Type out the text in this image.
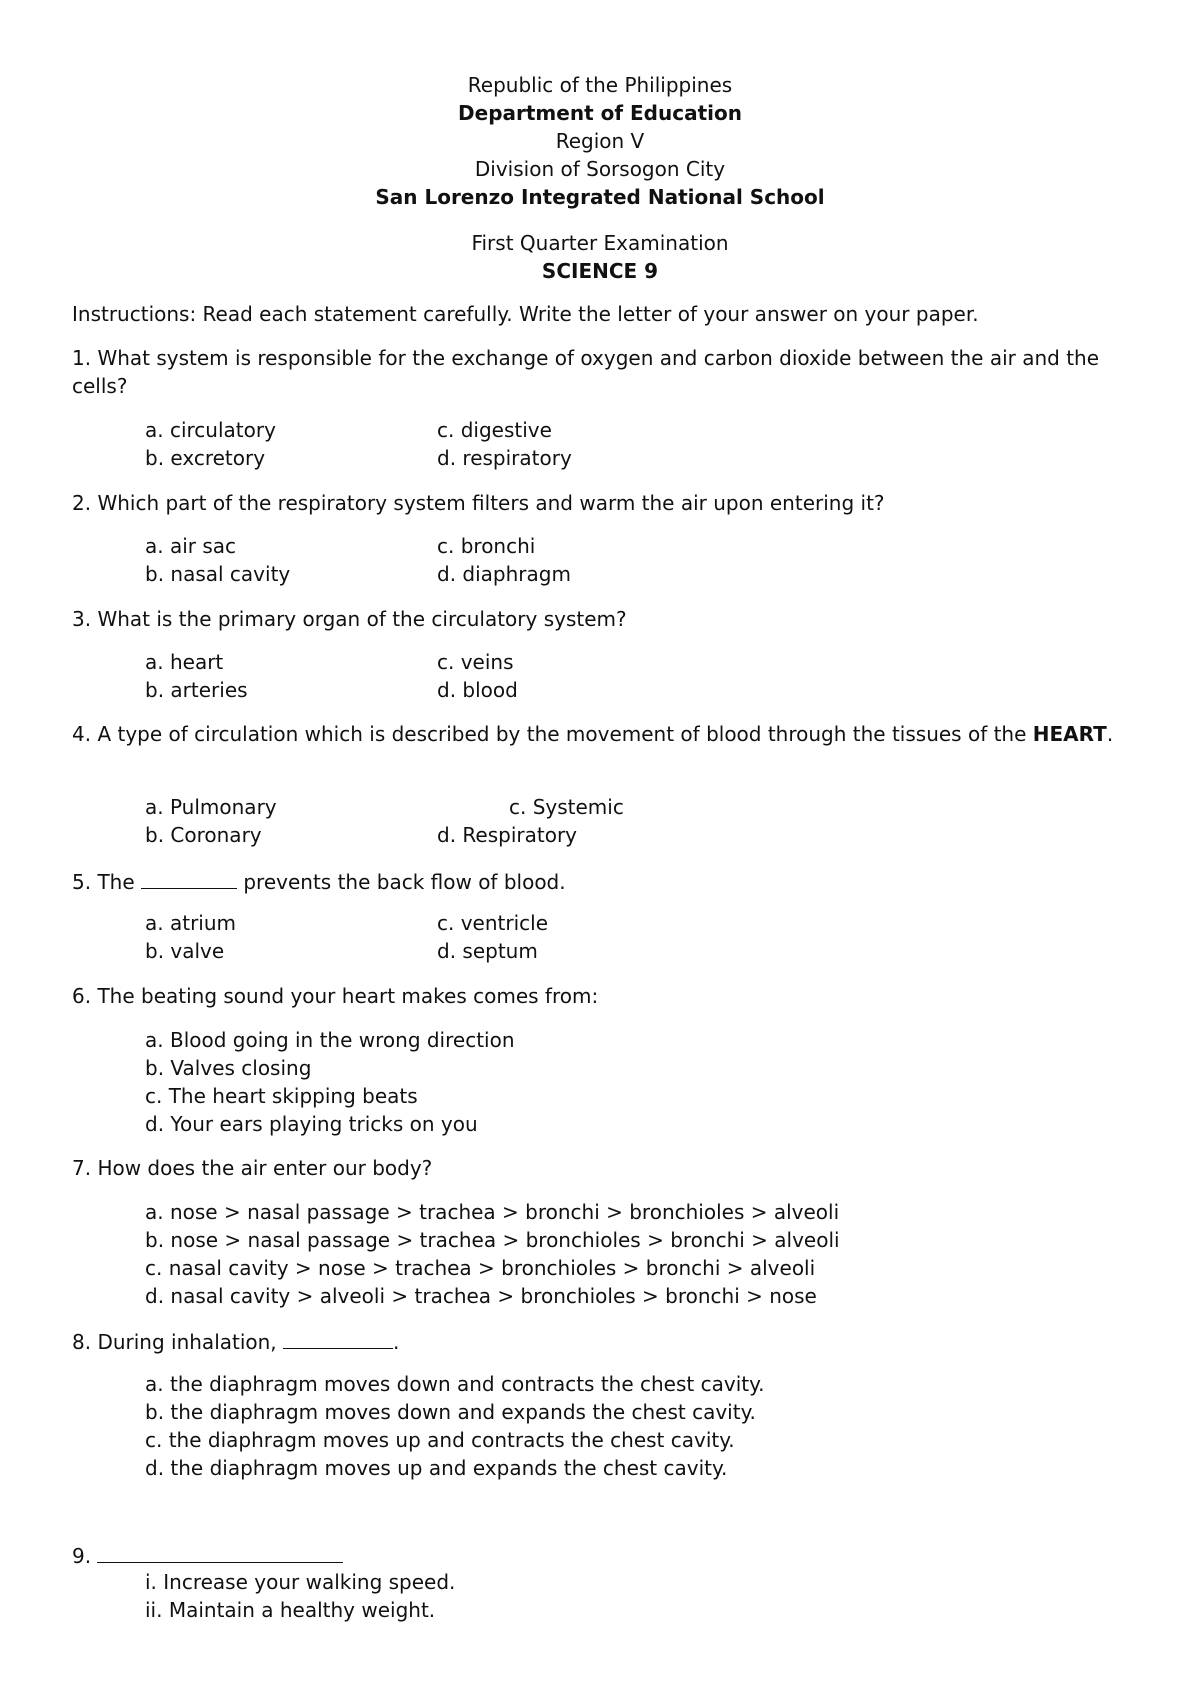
Republic of the Philippines
Department of Education
Region V
Division of Sorsogon City
San Lorenzo Integrated National School
First Quarter Examination
SCIENCE 9
Instructions: Read each statement carefully. Write the letter of your answer on your paper.
1. What system is responsible for the exchange of oxygen and carbon dioxide between the air and the cells?
a. circulatory	c. digestive
b. excretory	d. respiratory
2. Which part of the respiratory system filters and warm the air upon entering it?
a. air sac	c. bronchi
b. nasal cavity	d. diaphragm
3. What is the primary organ of the circulatory system?
a. heart	c. veins
b. arteries	d. blood
4. A type of circulation which is described by the movement of blood through the tissues of the HEART.
a. Pulmonary	c. Systemic
b. Coronary	d. Respiratory
5. The	prevents the back flow of blood.
a. atrium	c. ventricle
b. valve	d. septum
6. The beating sound your heart makes comes from:
a. Blood going in the wrong direction
b. Valves closing
c. The heart skipping beats
d. Your ears playing tricks on you
7. How does the air enter our body?
a. nose > nasal passage > trachea > bronchi > bronchioles > alveoli
b. nose > nasal passage > trachea > bronchioles > bronchi > alveoli
c. nasal cavity > nose > trachea > bronchioles > bronchi > alveoli
d. nasal cavity > alveoli > trachea > bronchioles > bronchi > nose
8. During inhalation,	.
a. the diaphragm moves down and contracts the chest cavity.
b. the diaphragm moves down and expands the chest cavity.
c. the diaphragm moves up and contracts the chest cavity.
d. the diaphragm moves up and expands the chest cavity.
9.
i. Increase your walking speed.
ii. Maintain a healthy weight.
